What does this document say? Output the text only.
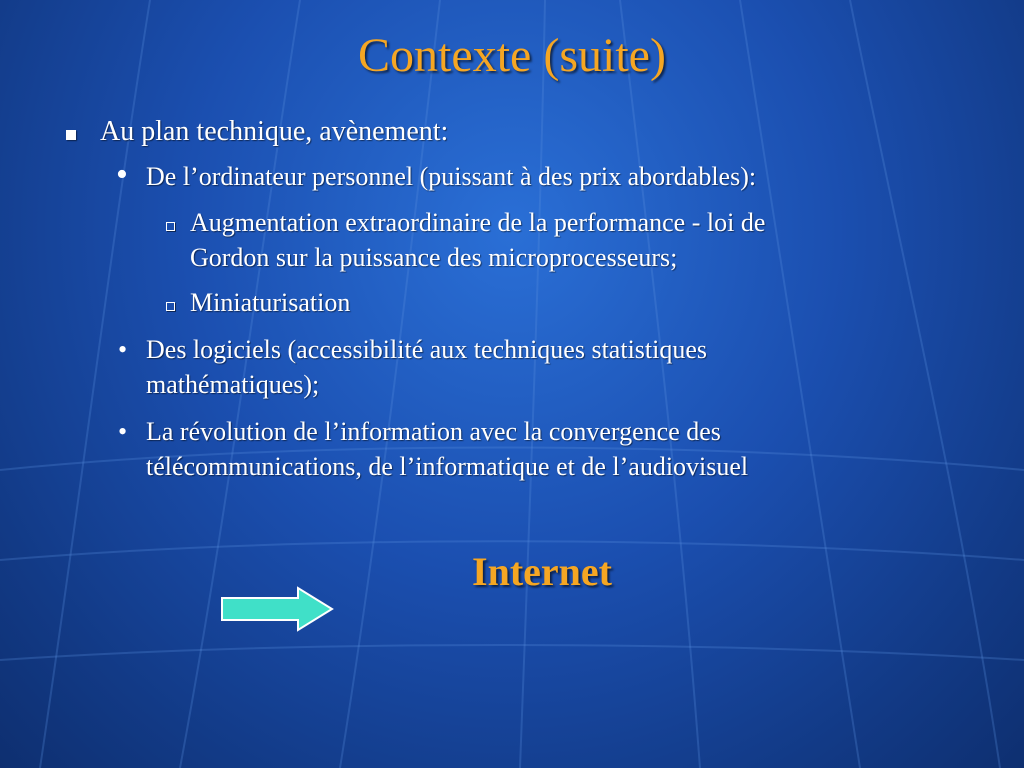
Contexte (suite)
Au plan technique, avènement:
• De l’ordinateur personnel (puissant à des prix abordables):
Augmentation extraordinaire de la performance - loi de
Gordon sur la puissance des microprocesseurs;
Miniaturisation
• Des logiciels (accessibilité aux techniques statistiques
mathématiques);
• La révolution de l’information avec la convergence des
télécommunications, de l’informatique et de l’audiovisuel
Internet
